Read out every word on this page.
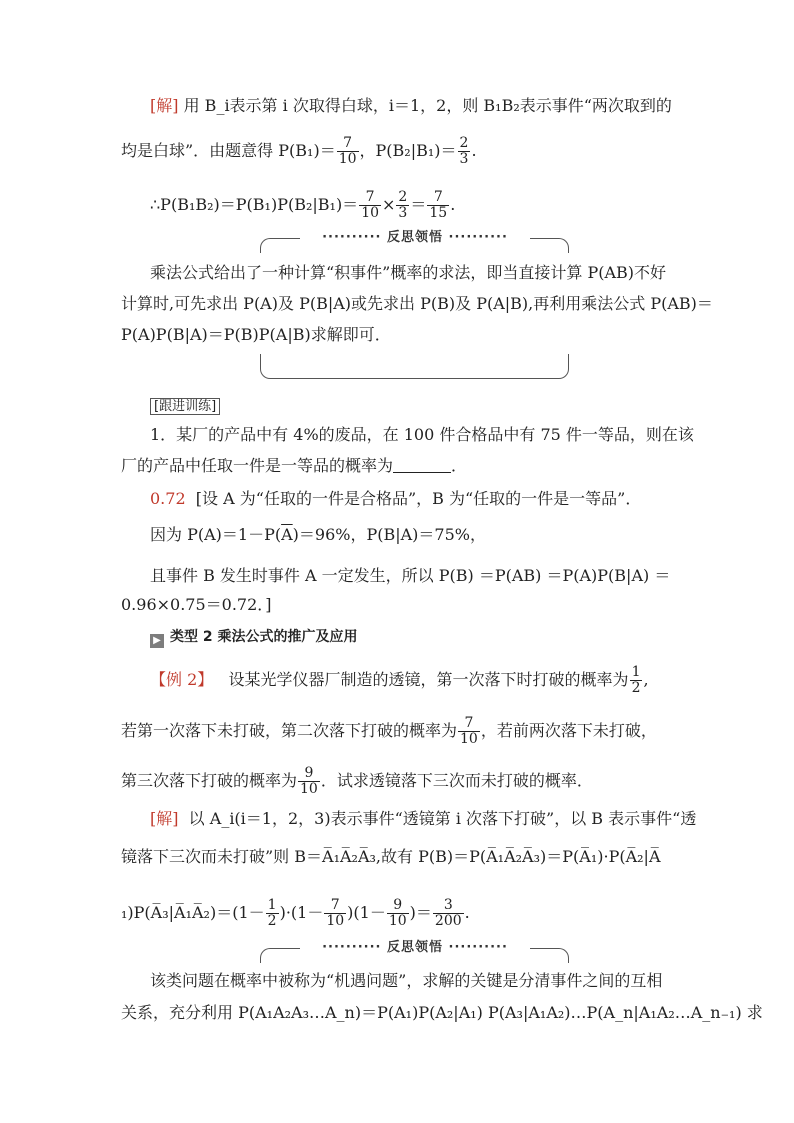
[解] 用 B_i表示第 i 次取得白球，i＝1，2，则 B₁B₂表示事件“两次取到的
均是白球”．由题意得 $P(B_1)= \frac{7}{10}$ ，$P(B_2|B_1)= \frac{2}{3}$ .
∴P(B₁B₂)＝P(B₁)P(B₂|B₁)＝ $\frac{7}{10} \times \frac{2}{3} = \frac{7}{15}$ .
·········· 反思领悟 ··········
乘法公式给出了一种计算“积事件”概率的求法，即当直接计算 P(AB)不好
计算时,可先求出 P(A)及 P(B|A)或先求出 P(B)及 P(A|B),再利用乘法公式 P(AB)＝
P(A)P(B|A)＝P(B)P(A|B)求解即可．
[跟进训练]
1．某厂的产品中有 4%的废品，在 100 件合格品中有 75 件一等品，则在该
厂的产品中任取一件是一等品的概率为	．
0.72 [设 A 为“任取的一件是合格品”，B 为“任取的一件是一等品”．
因为 $P(A)=1-P(\overline{A})=96\%$，P(B|A)＝75%，
且事件 B 发生时事件 A 一定发生，所以 P(B) ＝P(AB) ＝P(A)P(B|A) ＝
0.96×0.75＝0.72．]
▶ 类型 2 乘法公式的推广及应用
【例 2】 设某光学仪器厂制造的透镜，第一次落下时打破的概率为 $\frac{1}{2}$ ,
若第一次落下未打破，第二次落下打破的概率为 $\frac{7}{10}$ ，若前两次落下未打破，
第三次落下打破的概率为 $\frac{9}{10}$ ．试求透镜落下三次而未打破的概率．
[解] 以 A_i(i＝1，2，3)表示事件“透镜第 i 次落下打破”，以 B 表示事件“透
镜落下三次而未打破”则 B＝A̅₁A̅₂A̅₃,故有 P(B)＝P(A̅₁A̅₂A̅₃)＝P(A̅₁)·P(A̅₂|A̅
₁)P(A̅₃|A̅₁A̅₂)＝(1－ $\frac{1}{2} )\cdot(1- \frac{7}{10} )(1- \frac{9}{10}$ )＝ $\frac{3}{200}$ .
·········· 反思领悟 ··········
该类问题在概率中被称为“机遇问题”，求解的关键是分清事件之间的互相
关系，充分利用 P(A₁A₂A₃…A_n)＝P(A₁)P(A₂|A₁) P(A₃|A₁A₂)…P(A_n|A₁A₂…A_n₋₁) 求
